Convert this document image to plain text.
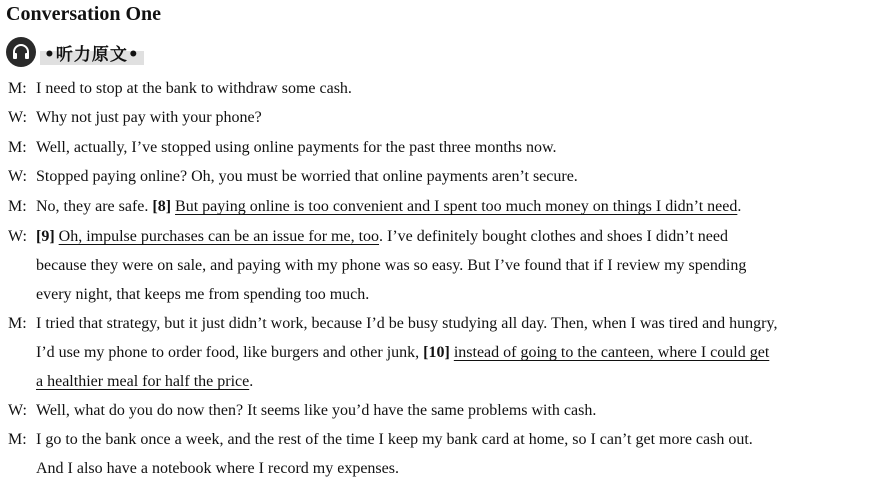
Conversation One
•听力原文•
M: I need to stop at the bank to withdraw some cash.
W: Why not just pay with your phone?
M: Well, actually, I’ve stopped using online payments for the past three months now.
W: Stopped paying online? Oh, you must be worried that online payments aren’t secure.
M: No, they are safe. [8] But paying online is too convenient and I spent too much money on things I didn’t need.
W: [9] Oh, impulse purchases can be an issue for me, too. I’ve definitely bought clothes and shoes I didn’t need
because they were on sale, and paying with my phone was so easy. But I’ve found that if I review my spending
every night, that keeps me from spending too much.
M: I tried that strategy, but it just didn’t work, because I’d be busy studying all day. Then, when I was tired and hungry,
I’d use my phone to order food, like burgers and other junk, [10] instead of going to the canteen, where I could get
a healthier meal for half the price.
W: Well, what do you do now then? It seems like you’d have the same problems with cash.
M: I go to the bank once a week, and the rest of the time I keep my bank card at home, so I can’t get more cash out.
And I also have a notebook where I record my expenses.
